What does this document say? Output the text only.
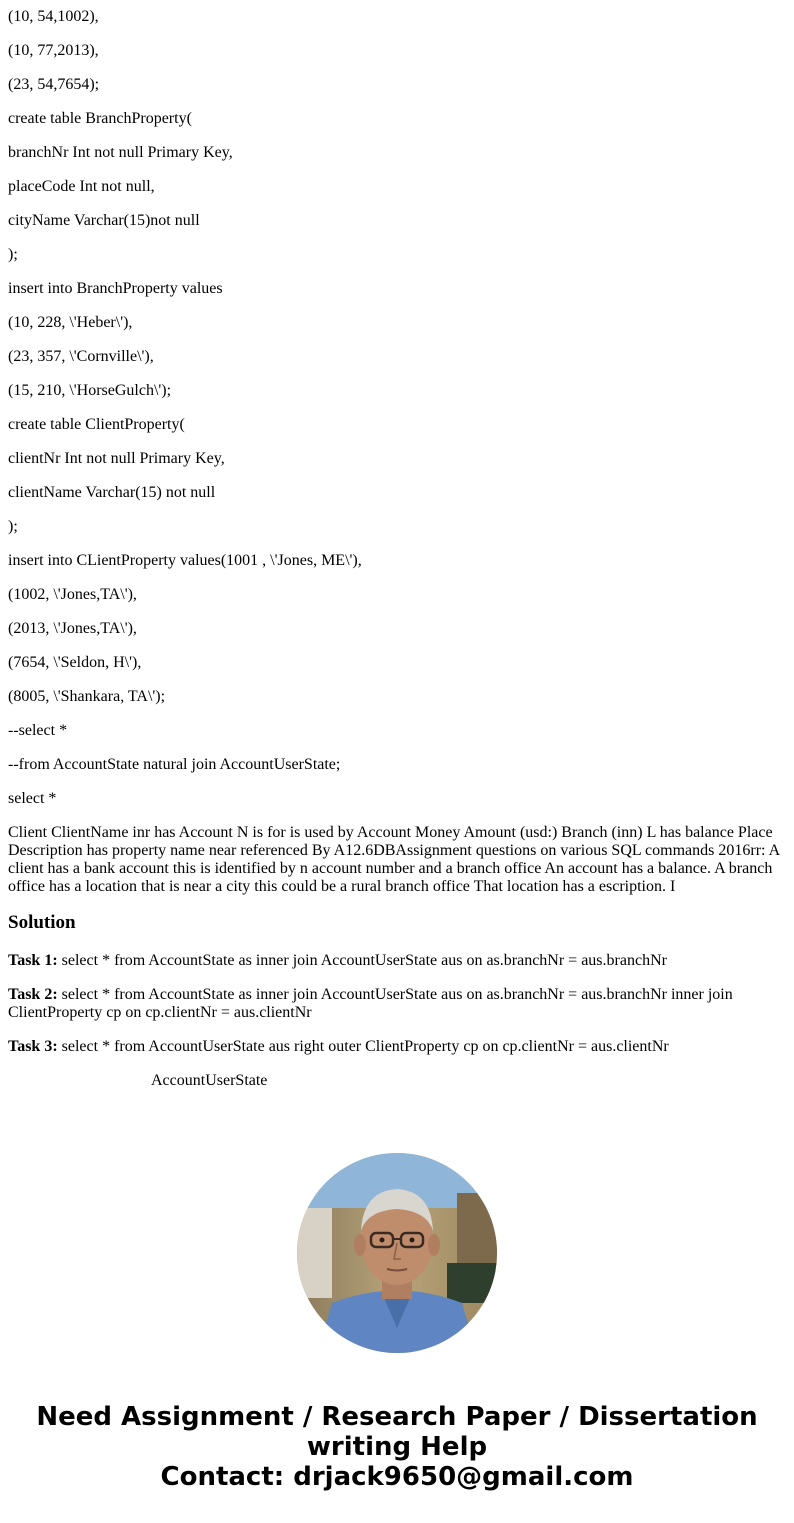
(10, 54,1002),

(10, 77,2013),

(23, 54,7654);

create table BranchProperty(

branchNr Int not null Primary Key,

placeCode Int not null,

cityName Varchar(15)not null

);

insert into BranchProperty values

(10, 228, \'Heber\'),

(23, 357, \'Cornville\'),

(15, 210, \'HorseGulch\');

create table ClientProperty(

clientNr Int not null Primary Key,

clientName Varchar(15) not null

);

insert into CLientProperty values(1001 , \'Jones, ME\'),

(1002, \'Jones,TA\'),

(2013, \'Jones,TA\'),

(7654, \'Seldon, H\'),

(8005, \'Shankara, TA\');

--select *

--from AccountState natural join AccountUserState;

select *

Client ClientName inr has Account N is for is used by Account Money Amount (usd:) Branch (inn) L has balance Place Description has property name near referenced By A12.6DBAssignment questions on various SQL commands 2016rr: A client has a bank account this is identified by n account number and a branch office An account has a balance. A branch office has a location that is near a city this could be a rural branch office That location has a escription. I

Solution

Task 1: select * from AccountState as inner join AccountUserState aus on as.branchNr = aus.branchNr

Task 2: select * from AccountState as inner join AccountUserState aus on as.branchNr = aus.branchNr inner join ClientProperty cp on cp.clientNr = aus.clientNr

Task 3: select * from AccountUserState aus right outer ClientProperty cp on cp.clientNr = aus.clientNr

AccountUserState

Need Assignment / Research Paper / Dissertation
writing Help
Contact: drjack9650@gmail.com
